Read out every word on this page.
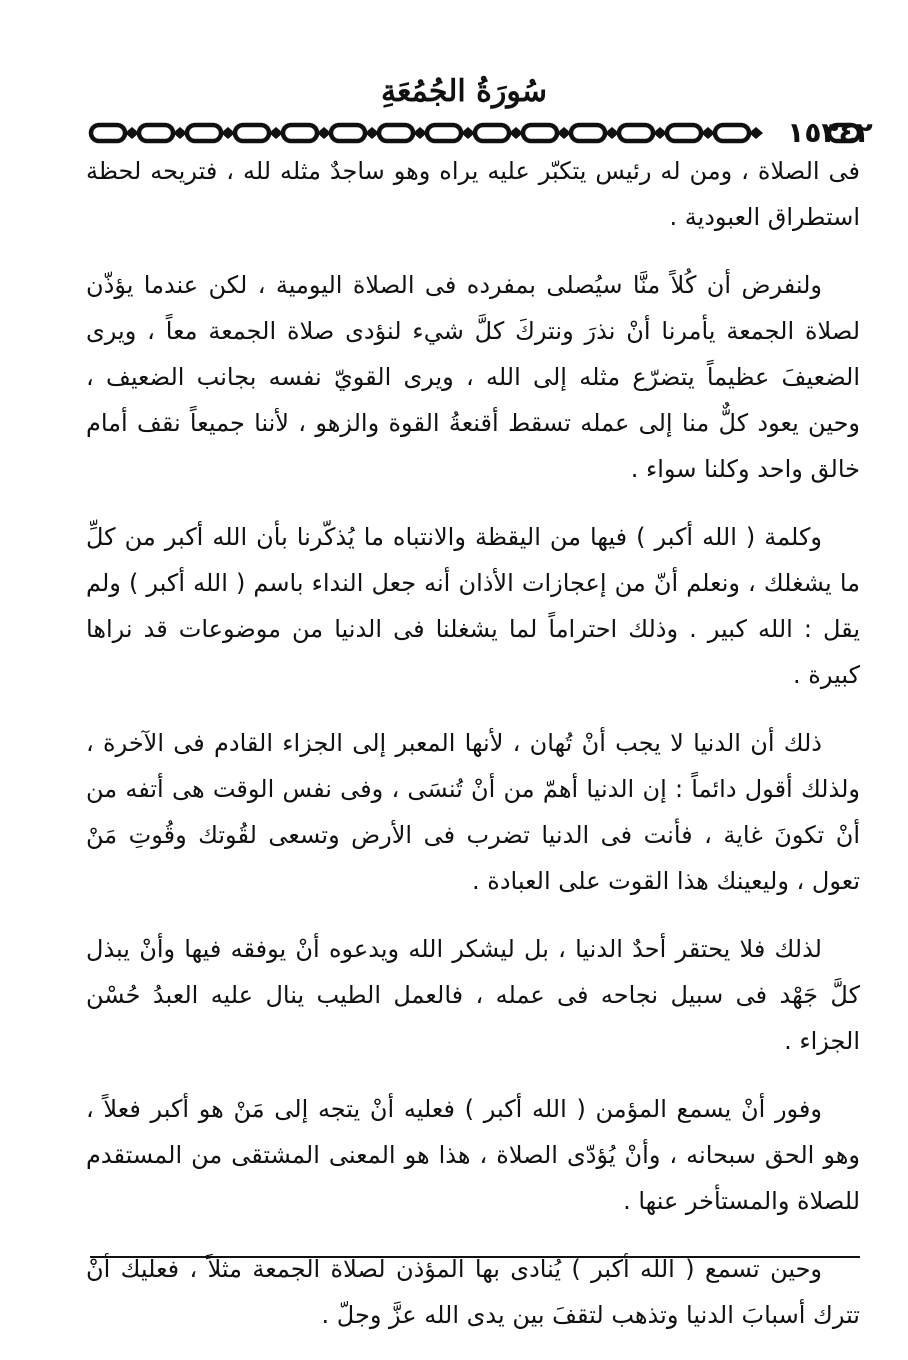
سُورَةُ الجُمُعَةِ
١٥٣٤٢

فى الصلاة ، ومن له رئيس يتكبّر عليه يراه وهو ساجدٌ مثله لله ، فتريحه لحظة استطراق العبودية .

ولنفرض أن كُلاً منَّا سيُصلى بمفرده فى الصلاة اليومية ، لكن عندما يؤذّن لصلاة الجمعة يأمرنا أنْ نذرَ ونتركَ كلَّ شيء لنؤدى صلاة الجمعة معاً ، ويرى الضعيفَ عظيماً يتضرّع مثله إلى الله ، ويرى القويّ نفسه بجانب الضعيف ، وحين يعود كلٌّ منا إلى عمله تسقط أقنعةُ القوة والزهو ، لأننا جميعاً نقف أمام خالق واحد وكلنا سواء .

وكلمة ( الله أكبر ) فيها من اليقظة والانتباه ما يُذكّرنا بأن الله أكبر من كلِّ ما يشغلك ، ونعلم أنّ من إعجازات الأذان أنه جعل النداء باسم ( الله أكبر ) ولم يقل : الله كبير . وذلك احتراماً لما يشغلنا فى الدنيا من موضوعات قد نراها كبيرة .

ذلك أن الدنيا لا يجب أنْ تُهان ، لأنها المعبر إلى الجزاء القادم فى الآخرة ، ولذلك أقول دائماً : إن الدنيا أهمّ من أنْ تُنسَى ، وفى نفس الوقت هى أتفه من أنْ تكونَ غاية ، فأنت فى الدنيا تضرب فى الأرض وتسعى لقُوتك وقُوتِ مَنْ تعول ، وليعينك هذا القوت على العبادة .

لذلك فلا يحتقر أحدٌ الدنيا ، بل ليشكر الله ويدعوه أنْ يوفقه فيها وأنْ يبذل كلَّ جَهْد فى سبيل نجاحه فى عمله ، فالعمل الطيب ينال عليه العبدُ حُسْن الجزاء .

وفور أنْ يسمع المؤمن ( الله أكبر ) فعليه أنْ يتجه إلى مَنْ هو أكبر فعلاً ، وهو الحق سبحانه ، وأنْ يُؤدّى الصلاة ، هذا هو المعنى المشتقى من المستقدم للصلاة والمستأخر عنها .

وحين تسمع ( الله أكبر ) يُنادى بها المؤذن لصلاة الجمعة مثلاً ، فعليك أنْ تترك أسبابَ الدنيا وتذهب لتقفَ بين يدى الله عزَّ وجلّ .
